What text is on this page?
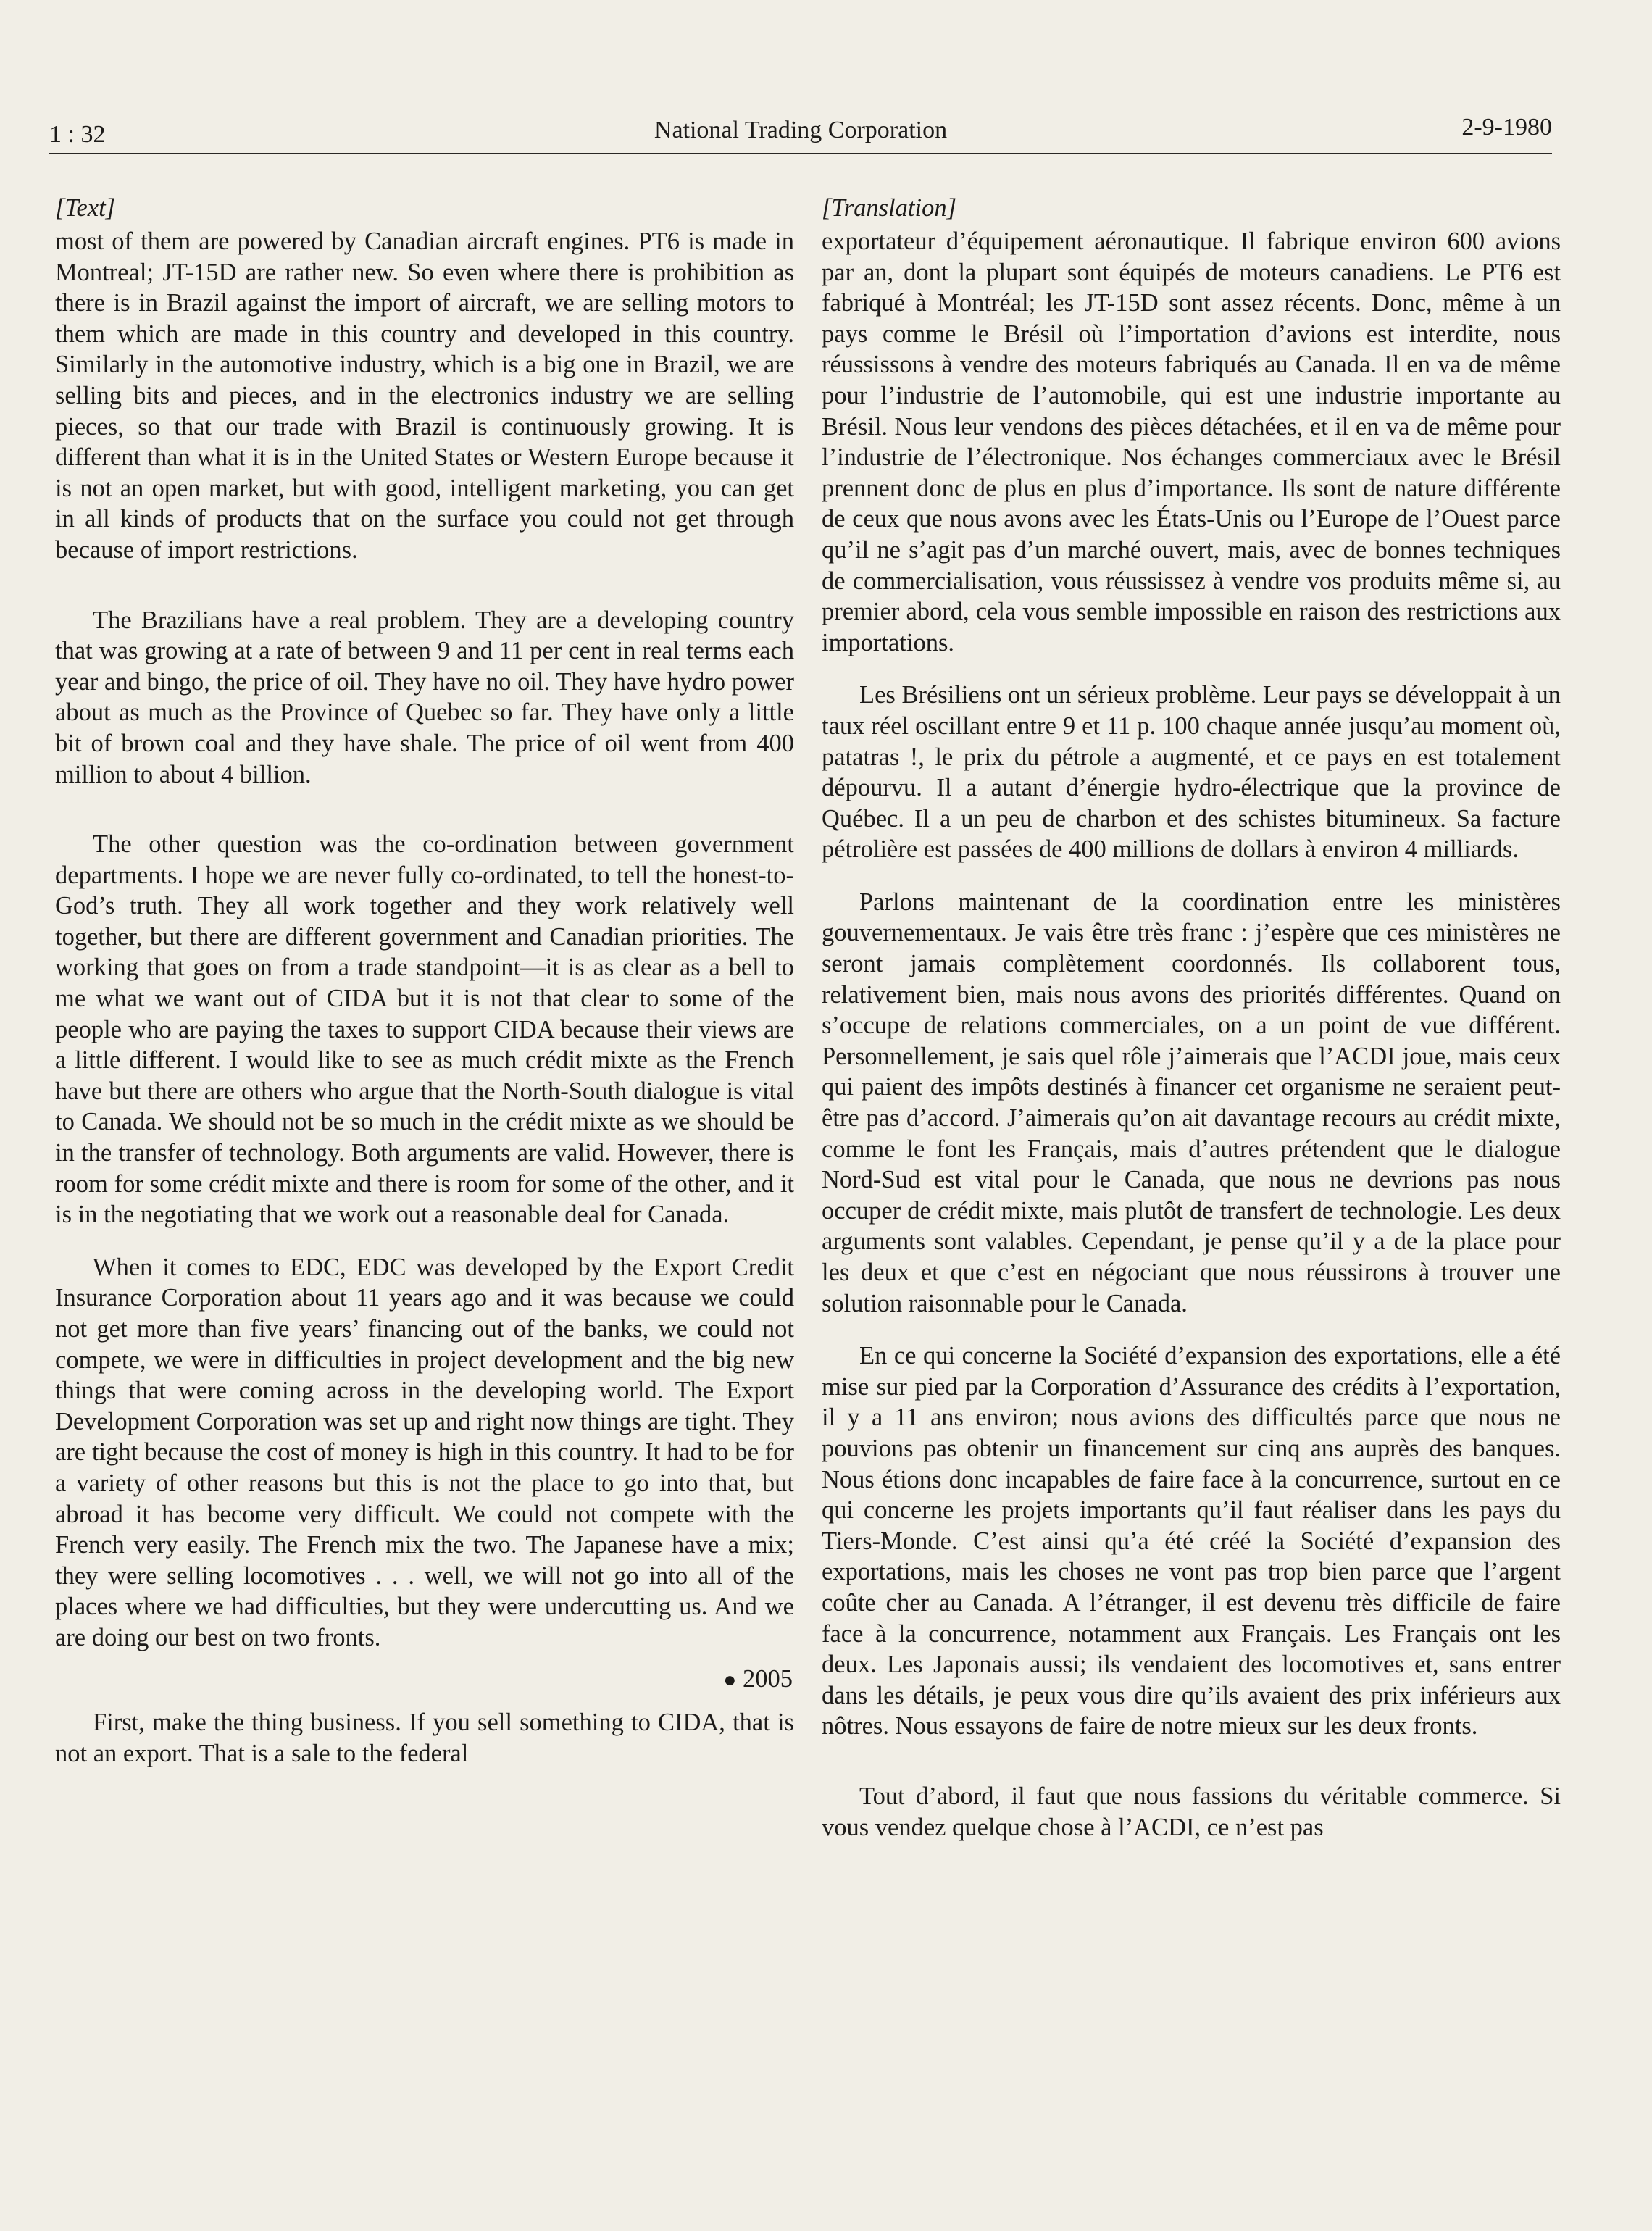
1 : 32	National Trading Corporation	2-9-1980
[Text]

most of them are powered by Canadian aircraft engines. PT6 is made in Montreal; JT-15D are rather new. So even where there is prohibition as there is in Brazil against the import of aircraft, we are selling motors to them which are made in this country and developed in this country. Similarly in the automotive industry, which is a big one in Brazil, we are selling bits and pieces, and in the electronics industry we are selling pieces, so that our trade with Brazil is continuously growing. It is different than what it is in the United States or Western Europe because it is not an open market, but with good, intelligent marketing, you can get in all kinds of products that on the surface you could not get through because of import restrictions.

The Brazilians have a real problem. They are a developing country that was growing at a rate of between 9 and 11 per cent in real terms each year and bingo, the price of oil. They have no oil. They have hydro power about as much as the Province of Quebec so far. They have only a little bit of brown coal and they have shale. The price of oil went from 400 million to about 4 billion.

The other question was the co-ordination between government departments. I hope we are never fully co-ordinated, to tell the honest-to-God’s truth. They all work together and they work relatively well together, but there are different government and Canadian priorities. The working that goes on from a trade standpoint—it is as clear as a bell to me what we want out of CIDA but it is not that clear to some of the people who are paying the taxes to support CIDA because their views are a little different. I would like to see as much crédit mixte as the French have but there are others who argue that the North-South dialogue is vital to Canada. We should not be so much in the crédit mixte as we should be in the transfer of technology. Both arguments are valid. However, there is room for some crédit mixte and there is room for some of the other, and it is in the negotiating that we work out a reasonable deal for Canada.

When it comes to EDC, EDC was developed by the Export Credit Insurance Corporation about 11 years ago and it was because we could not get more than five years’ financing out of the banks, we could not compete, we were in difficulties in project development and the big new things that were coming across in the developing world. The Export Development Corporation was set up and right now things are tight. They are tight because the cost of money is high in this country. It had to be for a variety of other reasons but this is not the place to go into that, but abroad it has become very difficult. We could not compete with the French very easily. The French mix the two. The Japanese have a mix; they were selling locomotives . . . well, we will not go into all of the places where we had difficulties, but they were undercutting us. And we are doing our best on two fronts.

● 2005

First, make the thing business. If you sell something to CIDA, that is not an export. That is a sale to the federal

[Translation]

exportateur d’équipement aéronautique. Il fabrique environ 600 avions par an, dont la plupart sont équipés de moteurs canadiens. Le PT6 est fabriqué à Montréal; les JT-15D sont assez récents. Donc, même à un pays comme le Brésil où l’importation d’avions est interdite, nous réussissons à vendre des moteurs fabriqués au Canada. Il en va de même pour l’industrie de l’automobile, qui est une industrie importante au Brésil. Nous leur vendons des pièces détachées, et il en va de même pour l’industrie de l’électronique. Nos échanges commerciaux avec le Brésil prennent donc de plus en plus d’importance. Ils sont de nature différente de ceux que nous avons avec les États-Unis ou l’Europe de l’Ouest parce qu’il ne s’agit pas d’un marché ouvert, mais, avec de bonnes techniques de commercialisation, vous réussissez à vendre vos produits même si, au premier abord, cela vous semble impossible en raison des restrictions aux importations.

Les Brésiliens ont un sérieux problème. Leur pays se développait à un taux réel oscillant entre 9 et 11 p. 100 chaque année jusqu’au moment où, patatras !, le prix du pétrole a augmenté, et ce pays en est totalement dépourvu. Il a autant d’énergie hydro-électrique que la province de Québec. Il a un peu de charbon et des schistes bitumineux. Sa facture pétrolière est passées de 400 millions de dollars à environ 4 milliards.

Parlons maintenant de la coordination entre les ministères gouvernementaux. Je vais être très franc : j’espère que ces ministères ne seront jamais complètement coordonnés. Ils collaborent tous, relativement bien, mais nous avons des priorités différentes. Quand on s’occupe de relations commerciales, on a un point de vue différent. Personnellement, je sais quel rôle j’aimerais que l’ACDI joue, mais ceux qui paient des impôts destinés à financer cet organisme ne seraient peut-être pas d’accord. J’aimerais qu’on ait davantage recours au crédit mixte, comme le font les Français, mais d’autres prétendent que le dialogue Nord-Sud est vital pour le Canada, que nous ne devrions pas nous occuper de crédit mixte, mais plutôt de transfert de technologie. Les deux arguments sont valables. Cependant, je pense qu’il y a de la place pour les deux et que c’est en négociant que nous réussirons à trouver une solution raisonnable pour le Canada.

En ce qui concerne la Société d’expansion des exportations, elle a été mise sur pied par la Corporation d’Assurance des crédits à l’exportation, il y a 11 ans environ; nous avions des difficultés parce que nous ne pouvions pas obtenir un financement sur cinq ans auprès des banques. Nous étions donc incapables de faire face à la concurrence, surtout en ce qui concerne les projets importants qu’il faut réaliser dans les pays du Tiers-Monde. C’est ainsi qu’a été créé la Société d’expansion des exportations, mais les choses ne vont pas trop bien parce que l’argent coûte cher au Canada. A l’étranger, il est devenu très difficile de faire face à la concurrence, notamment aux Français. Les Français ont les deux. Les Japonais aussi; ils vendaient des locomotives et, sans entrer dans les détails, je peux vous dire qu’ils avaient des prix inférieurs aux nôtres. Nous essayons de faire de notre mieux sur les deux fronts.

Tout d’abord, il faut que nous fassions du véritable commerce. Si vous vendez quelque chose à l’ACDI, ce n’est pas
